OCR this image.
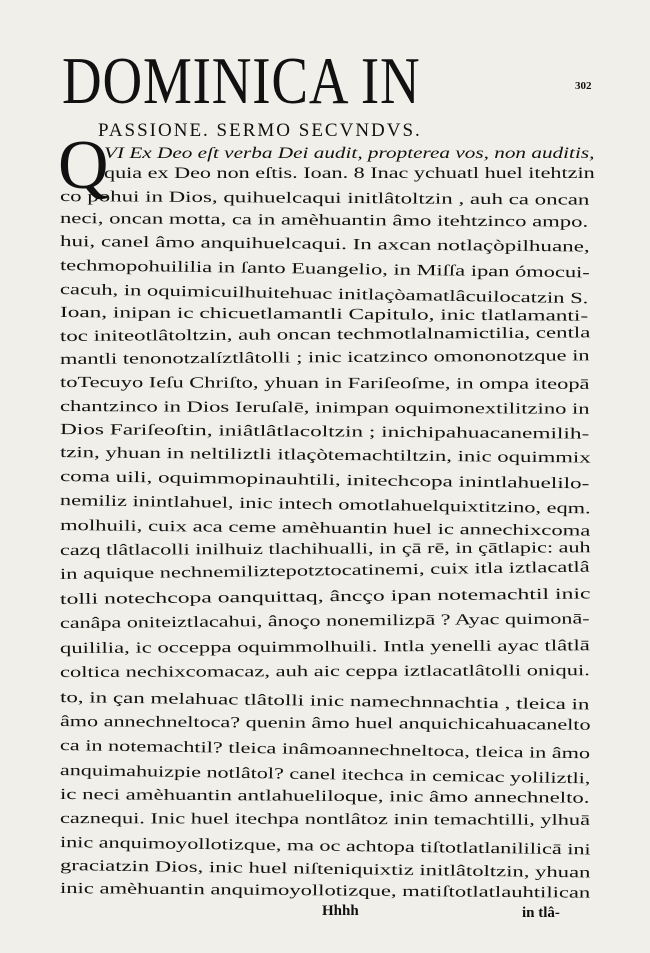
DOMINICA IN	302
Q
PASSIONE. SERMO SECVNDVS.
VI Ex Deo eſt verba Dei audit, propterea vos, non auditis,
quia ex Deo non eſtis. Ioan. 8 Inac ychuatl huel itehtzin
co pohui in Dios, quihuelcaqui initlâtoltzin , auh ca oncan
neci, oncan motta, ca in amèhuantin âmo itehtzinco ampo.
hui, canel âmo anquihuelcaqui. In axcan notlaçòpilhuane,
techmopohuililia in ſanto Euangelio, in Miſſa ipan ómocui-
cacuh, in oquimicuilhuitehuac initlaçòamatlâcuilocatzin S.
Ioan, inipan ic chicuetlamantli Capitulo, inic tlatlamanti-
toc initeotlâtoltzin, auh oncan techmotlalnamictilia, centla
mantli tenonotzalíztlâtolli ; inic icatzinco omononotzque in
toTecuyo Ieſu Chriſto, yhuan in Fariſeoſme, in ompa iteopā
chantzinco in Dios Ieruſalē, inimpan oquimonextilitzino in
Dios Fariſeoſtin, iniâtlâtlacoltzin ; inichipahuacanemilih-
tzin, yhuan in neltiliztli itlaçòtemachtiltzin, inic oquimmix
coma uili, oquimmopinauhtili, initechcopa inintlahuelilo-
nemiliz inintlahuel, inic intech omotlahuelquixtitzino, eqm.
molhuili, cuix aca ceme amèhuantin huel ic annechixcoma
cazq tlâtlacolli inilhuiz tlachihualli, in çā rē, in çātlapic: auh
in aquique nechnemiliztepotztocatinemi, cuix itla iztlacatlâ
tolli notechcopa oanquittaq, âncço ipan notemachtil inic
canâpa oniteiztlacahui, ânoço nonemilizpā ? Ayac quimonā-
quililia, ic occeppa oquimmolhuili. Intla yenelli ayac tlâtlā
coltica nechixcomacaz, auh aic ceppa iztlacatlâtolli oniqui.
to, in çan melahuac tlâtolli inic namechnnachtia , tleica in
âmo annechneltoca? quenin âmo huel anquichicahuacanelto
ca in notemachtil? tleica inâmoannechneltoca, tleica in âmo
anquimahuizpie notlâtol? canel itechca in cemicac yoliliztli,
ic neci amèhuantin antlahueliloque, inic âmo annechnelto.
caznequi. Inic huel itechpa nontlâtoz inin temachtilli, ylhuā
inic anquimoyollotizque, ma oc achtopa tiſtotlatlanililicā ini
graciatzin Dios, inic huel niſteniquixtiz initlâtoltzin, yhuan
inic amèhuantin anquimoyollotizque, matiſtotlatlauhtilican
Hhhh	in tlâ-
